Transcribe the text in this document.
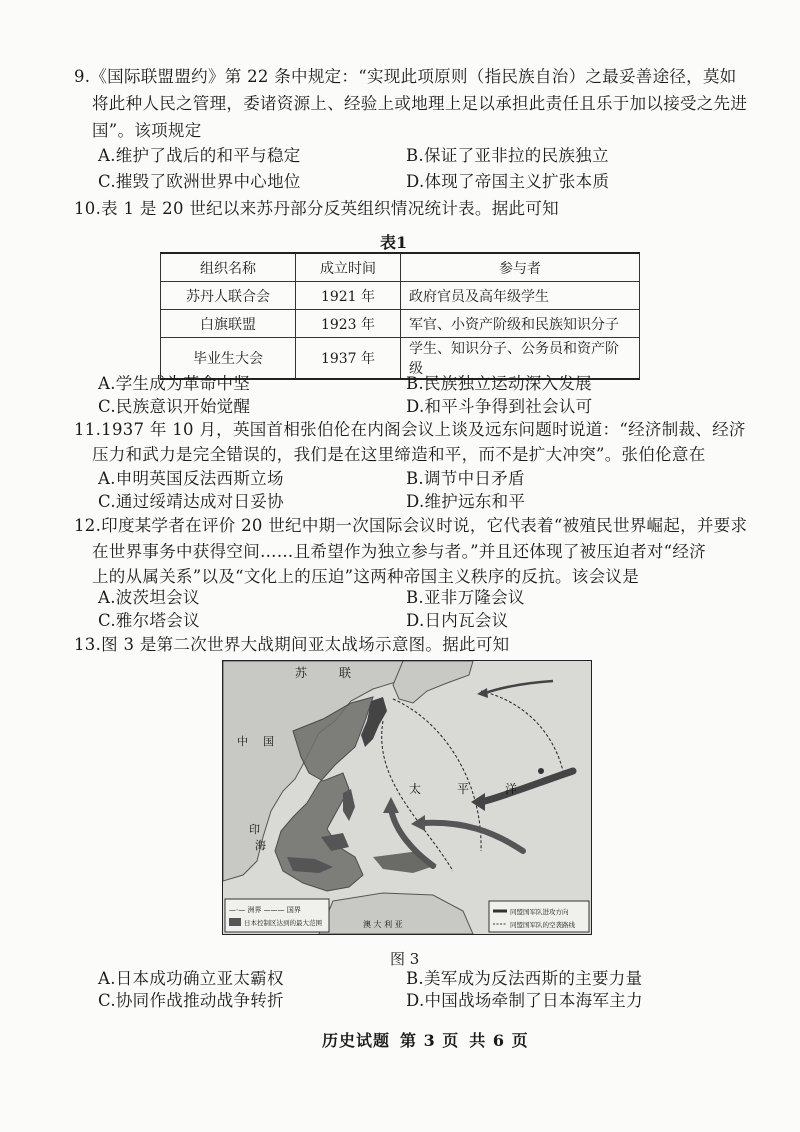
9.《国际联盟盟约》第 22 条中规定：“实现此项原则（指民族自治）之最妥善途径，莫如
将此种人民之管理，委诸资源上、经验上或地理上足以承担此责任且乐于加以接受之先进
国”。该项规定
A.维护了战后的和平与稳定	B.保证了亚非拉的民族独立
C.摧毁了欧洲世界中心地位	D.体现了帝国主义扩张本质
10.表 1 是 20 世纪以来苏丹部分反英组织情况统计表。据此可知
表1
组织名称	成立时间	参与者
苏丹人联合会	1921 年	政府官员及高年级学生
白旗联盟	1923 年	军官、小资产阶级和民族知识分子
毕业生大会	1937 年	学生、知识分子、公务员和资产阶级
A.学生成为革命中坚	B.民族独立运动深入发展
C.民族意识开始觉醒	D.和平斗争得到社会认可
11.1937 年 10 月，英国首相张伯伦在内阁会议上谈及远东问题时说道：“经济制裁、经济
压力和武力是完全错误的，我们是在这里缔造和平，而不是扩大冲突”。张伯伦意在
A.申明英国反法西斯立场	B.调节中日矛盾
C.通过绥靖达成对日妥协	D.维护远东和平
12.印度某学者在评价 20 世纪中期一次国际会议时说，它代表着“被殖民世界崛起，并要求
在世界事务中获得空间……且希望作为独立参与者。”并且还体现了被压迫者对“经济
上的从属关系”以及“文化上的压迫”这两种帝国主义秩序的反抗。该会议是
A.波茨坦会议	B.亚非万隆会议
C.雅尔塔会议	D.日内瓦会议
13.图 3 是第二次世界大战期间亚太战场示意图。据此可知
苏	联
中 国
太	平	洋
印
海
—·— 洲界 ——— 国界
日本控制区达到的最大范围	澳 大 利 亚
同盟国军队进攻方向
同盟国军队的空袭路线
图 3
A.日本成功确立亚太霸权	B.美军成为反法西斯的主要力量
C.协同作战推动战争转折	D.中国战场牵制了日本海军主力
历史试题 第 3 页 共 6 页
